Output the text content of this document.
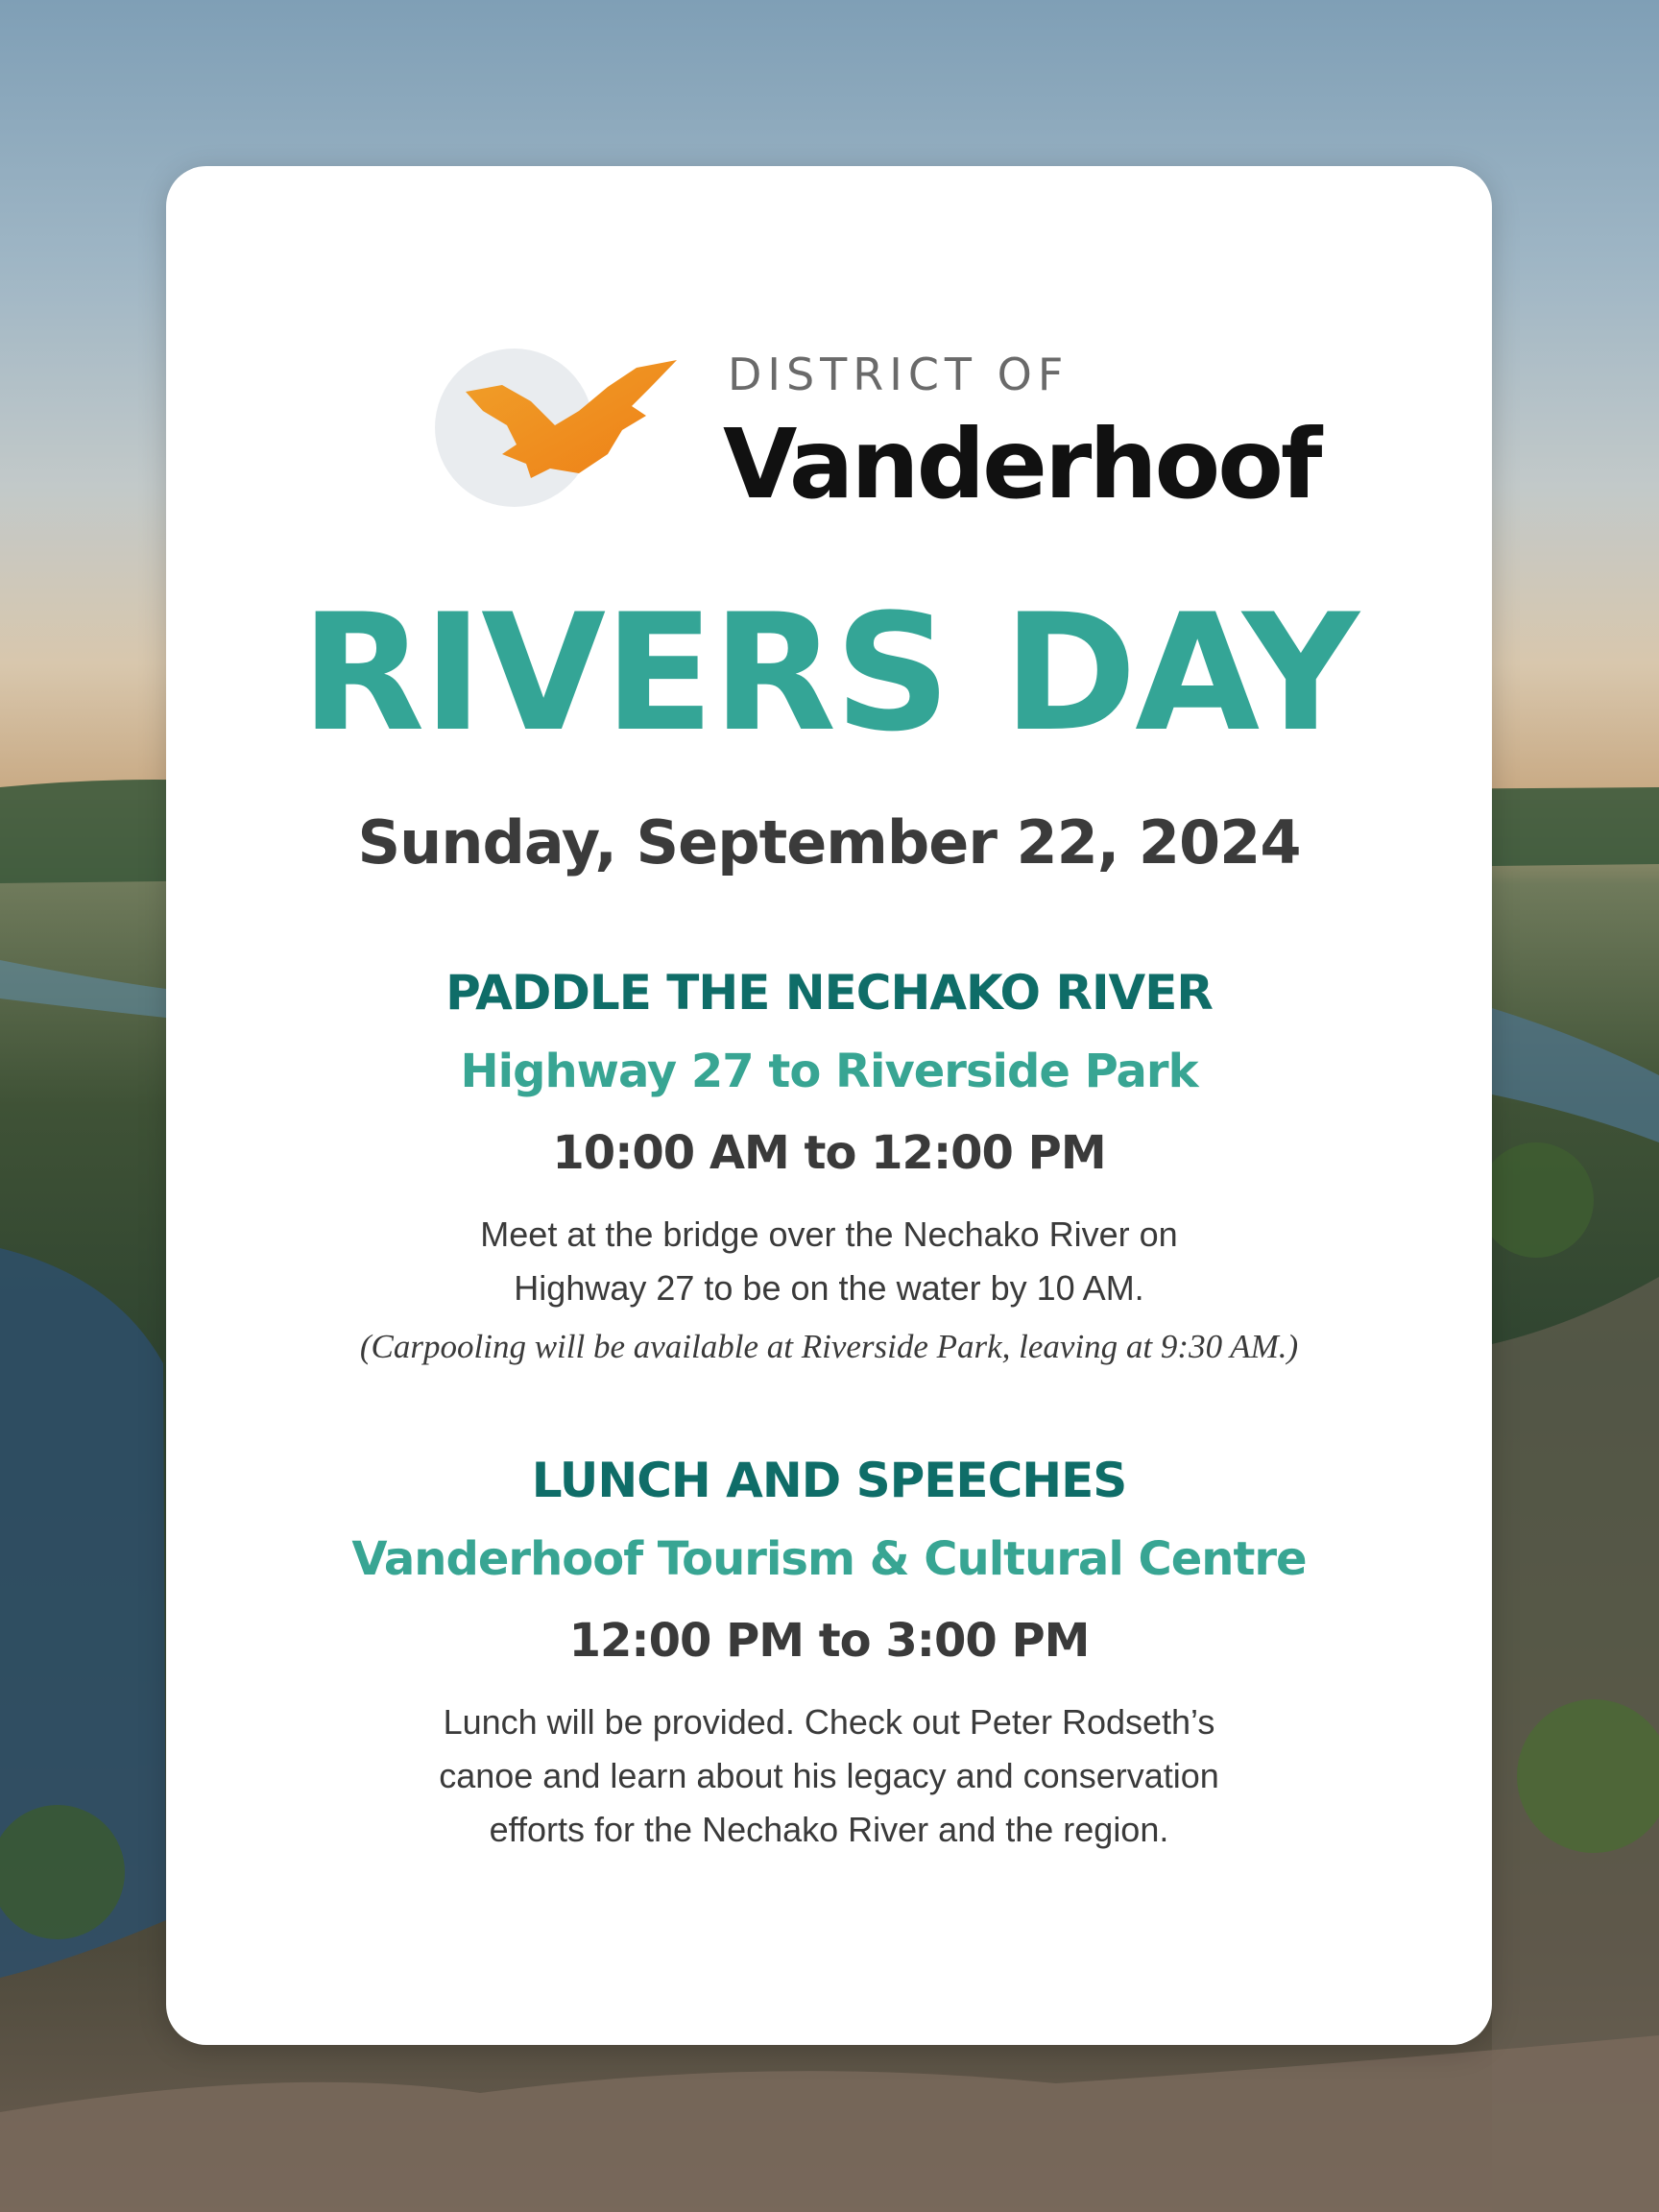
DISTRICT OF
Vanderhoof
RIVERS DAY
Sunday, September 22, 2024
PADDLE THE NECHAKO RIVER
Highway 27 to Riverside Park
10:00 AM to 12:00 PM
Meet at the bridge over the Nechako River on
Highway 27 to be on the water by 10 AM.
(Carpooling will be available at Riverside Park, leaving at 9:30 AM.)
LUNCH AND SPEECHES
Vanderhoof Tourism & Cultural Centre
12:00 PM to 3:00 PM
Lunch will be provided. Check out Peter Rodseth’s
canoe and learn about his legacy and conservation
efforts for the Nechako River and the region.
